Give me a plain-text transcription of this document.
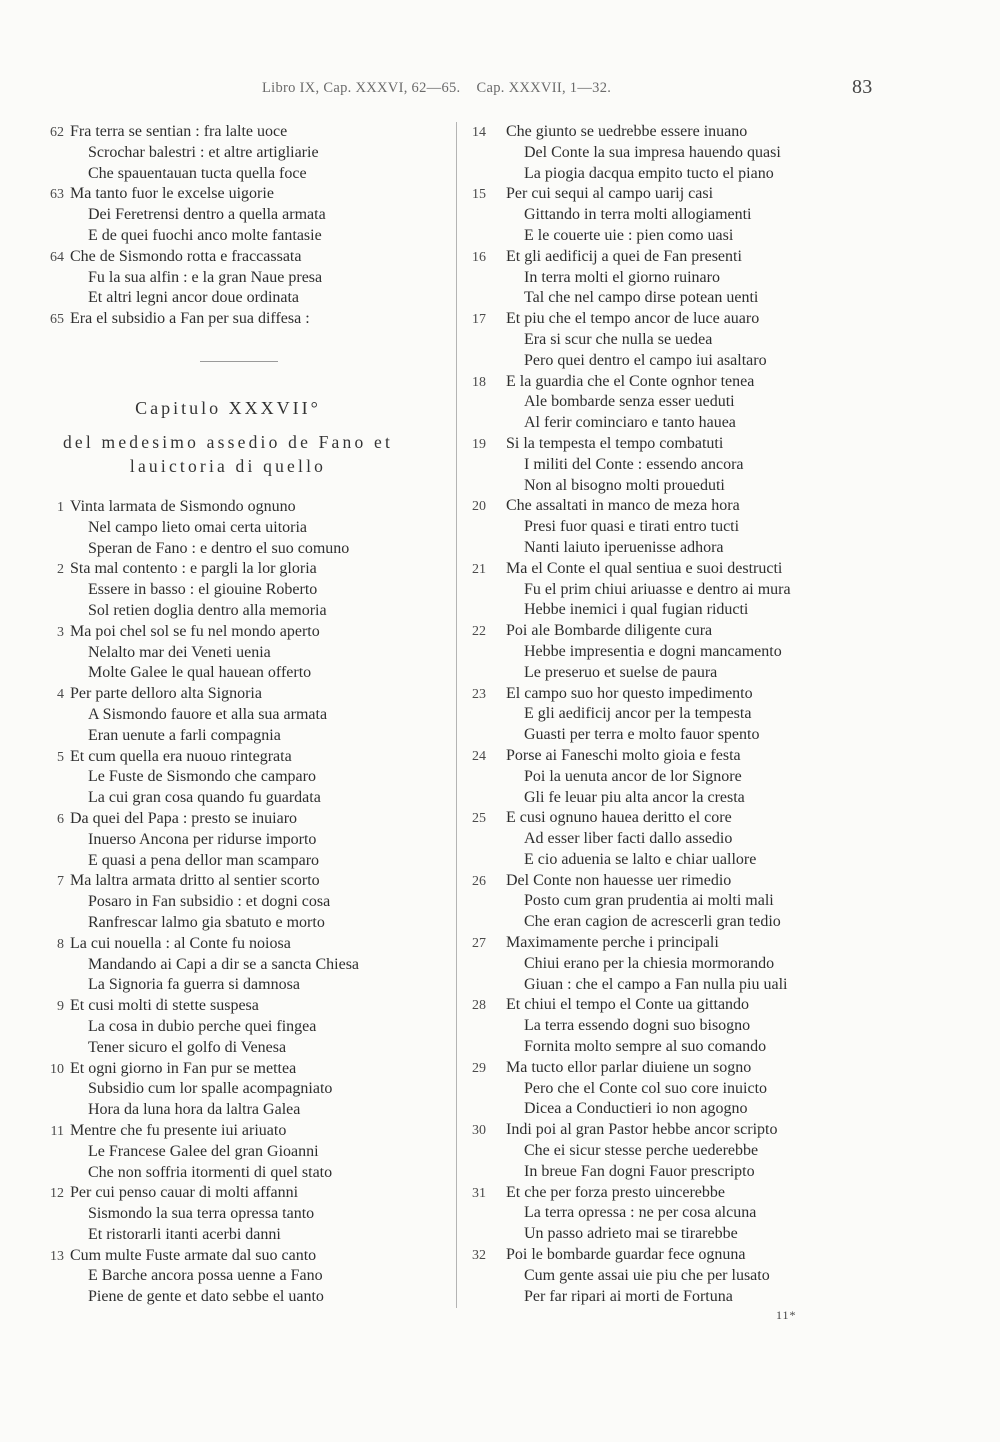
Libro IX, Cap. XXXVI, 62—65. Cap. XXXVII, 1—32.	83
62 Fra terra se sentian : fra lalte uoce
Scrochar balestri : et altre artigliarie
Che spauentauan tucta quella foce
63 Ma tanto fuor le excelse uigorie
Dei Feretrensi dentro a quella armata
E de quei fuochi anco molte fantasie
64 Che de Sismondo rotta e fraccassata
Fu la sua alfin : e la gran Naue presa
Et altri legni ancor doue ordinata
65 Era el subsidio a Fan per sua diffesa :
Capitulo XXXVII°
del medesimo assedio de Fano et
lauictoria di quello
1 Vinta larmata de Sismondo ognuno
Nel campo lieto omai certa uitoria
Speran de Fano : e dentro el suo comuno
2 Sta mal contento : e pargli la lor gloria
Essere in basso : el giouine Roberto
Sol retien doglia dentro alla memoria
3 Ma poi chel sol se fu nel mondo aperto
Nelalto mar dei Veneti uenia
Molte Galee le qual hauean offerto
4 Per parte delloro alta Signoria
A Sismondo fauore et alla sua armata
Eran uenute a farli compagnia
5 Et cum quella era nuouo rintegrata
Le Fuste de Sismondo che camparo
La cui gran cosa quando fu guardata
6 Da quei del Papa : presto se inuiaro
Inuerso Ancona per ridurse importo
E quasi a pena dellor man scamparo
7 Ma laltra armata dritto al sentier scorto
Posaro in Fan subsidio : et dogni cosa
Ranfrescar lalmo gia sbatuto e morto
8 La cui nouella : al Conte fu noiosa
Mandando ai Capi a dir se a sancta Chiesa
La Signoria fa guerra si damnosa
9 Et cusi molti di stette suspesa
La cosa in dubio perche quei fingea
Tener sicuro el golfo di Venesa
10 Et ogni giorno in Fan pur se mettea
Subsidio cum lor spalle acompagniato
Hora da luna hora da laltra Galea
11 Mentre che fu presente iui ariuato
Le Francese Galee del gran Gioanni
Che non soffria itormenti di quel stato
12 Per cui penso cauar di molti affanni
Sismondo la sua terra opressa tanto
Et ristorarli itanti acerbi danni
13 Cum multe Fuste armate dal suo canto
E Barche ancora possa uenne a Fano
Piene de gente et dato sebbe el uanto
14 Che giunto se uedrebbe essere inuano
Del Conte la sua impresa hauendo quasi
La piogia dacqua empito tucto el piano
15 Per cui sequi al campo uarij casi
Gittando in terra molti allogiamenti
E le couerte uie : pien como uasi
16 Et gli aedificij a quei de Fan presenti
In terra molti el giorno ruinaro
Tal che nel campo dirse potean uenti
17 Et piu che el tempo ancor de luce auaro
Era si scur che nulla se uedea
Pero quei dentro el campo iui asaltaro
18 E la guardia che el Conte ognhor tenea
Ale bombarde senza esser ueduti
Al ferir cominciaro e tanto hauea
19 Si la tempesta el tempo combatuti
I militi del Conte : essendo ancora
Non al bisogno molti proueduti
20 Che assaltati in manco de meza hora
Presi fuor quasi e tirati entro tucti
Nanti laiuto iperuenisse adhora
21 Ma el Conte el qual sentiua e suoi destructi
Fu el prim chiui ariuasse e dentro ai mura
Hebbe inemici i qual fugian riducti
22 Poi ale Bombarde diligente cura
Hebbe impresentia e dogni mancamento
Le preseruo et suelse de paura
23 El campo suo hor questo impedimento
E gli aedificij ancor per la tempesta
Guasti per terra e molto fauor spento
24 Porse ai Faneschi molto gioia e festa
Poi la uenuta ancor de lor Signore
Gli fe leuar piu alta ancor la cresta
25 E cusi ognuno hauea deritto el core
Ad esser liber facti dallo assedio
E cio aduenia se lalto e chiar uallore
26 Del Conte non hauesse uer rimedio
Posto cum gran prudentia ai molti mali
Che eran cagion de acrescerli gran tedio
27 Maximamente perche i principali
Chiui erano per la chiesia mormorando
Giuan : che el campo a Fan nulla piu uali
28 Et chiui el tempo el Conte ua gittando
La terra essendo dogni suo bisogno
Fornita molto sempre al suo comando
29 Ma tucto ellor parlar diuiene un sogno
Pero che el Conte col suo core inuicto
Dicea a Conductieri io non agogno
30 Indi poi al gran Pastor hebbe ancor scripto
Che ei sicur stesse perche uederebbe
In breue Fan dogni Fauor prescripto
31 Et che per forza presto uincerebbe
La terra opressa : ne per cosa alcuna
Un passo adrieto mai se tirarebbe
32 Poi le bombarde guardar fece ognuna
Cum gente assai uie piu che per lusato
Per far ripari ai morti de Fortuna
11*
